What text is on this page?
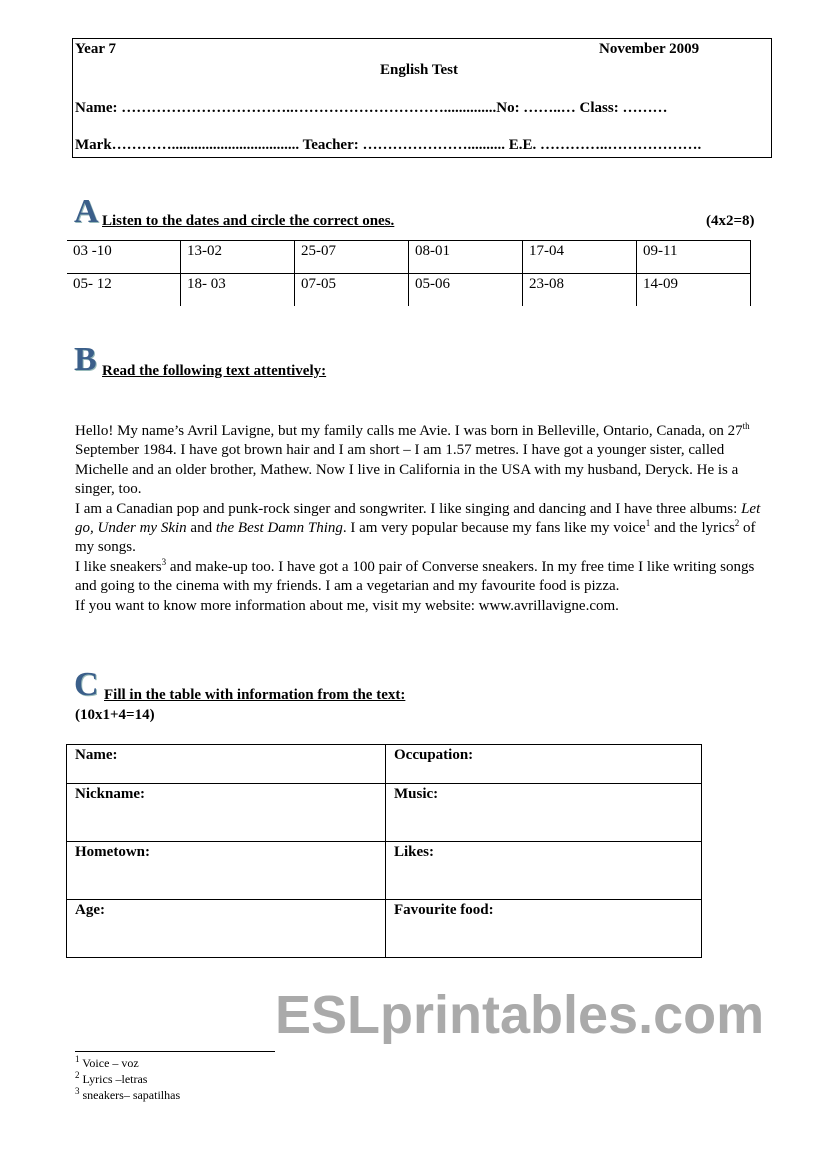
Year 7	November 2009
English Test
Name: ……………………………..…………………………..............No: ……..… Class: ………
Mark………….................................. Teacher: ………………….......... E.E. …………..……………….
A Listen to the dates and circle the correct ones.	(4x2=8)
03 -10	13-02	25-07	08-01	17-04	09-11
05- 12	18- 03	07-05	05-06	23-08	14-09
B Read the following text attentively:

Hello! My name’s Avril Lavigne, but my family calls me Avie. I was born in Belleville, Ontario, Canada, on 27th September 1984. I have got brown hair and I am short – I am 1.57 metres. I have got a younger sister, called Michelle and an older brother, Mathew. Now I live in California in the USA with my husband, Deryck. He is a singer, too.

I am a Canadian pop and punk-rock singer and songwriter. I like singing and dancing and I have three albums: Let go, Under my Skin and the Best Damn Thing. I am very popular because my fans like my voice$^1$ and the lyrics$^2$ of my songs.

I like sneakers$^3$ and make-up too. I have got a 100 pair of Converse sneakers. In my free time I like writing songs and going to the cinema with my friends. I am a vegetarian and my favourite food is pizza.

If you want to know more information about me, visit my website: www.avrillavigne.com.

C Fill in the table with information from the text:
(10x1+4=14)
Name:	Occupation:
Nickname:	Music:
Hometown:	Likes:
Age:	Favourite food:
$^1$ Voice – voz
$^2$ Lyrics –letras
$^3$ sneakers– sapatilhas
ESLprintables.com
